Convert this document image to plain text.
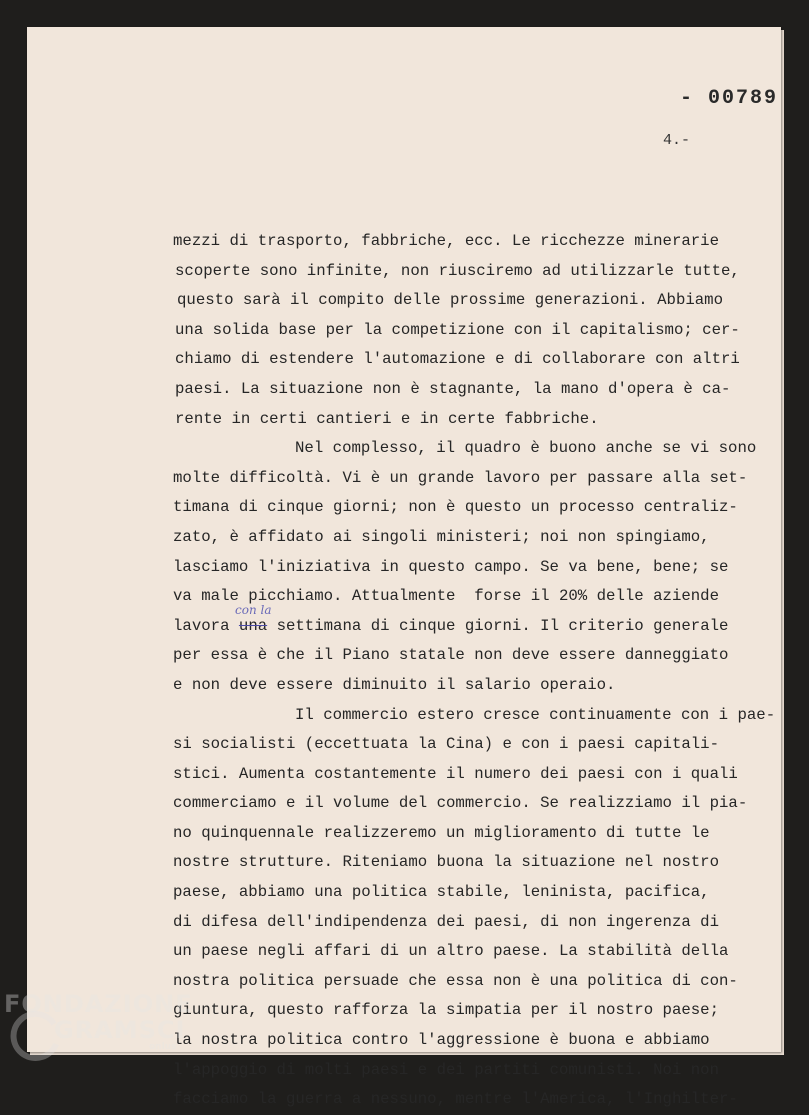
- 00789
4.-
mezzi di trasporto, fabbriche, ecc. Le ricchezze minerarie
scoperte sono infinite, non riusciremo ad utilizzarle tutte,
questo sarà il compito delle prossime generazioni. Abbiamo
una solida base per la competizione con il capitalismo; cer-
chiamo di estendere l'automazione e di collaborare con altri
paesi. La situazione non è stagnante, la mano d'opera è ca-
rente in certi cantieri e in certe fabbriche.
Nel complesso, il quadro è buono anche se vi sono
molte difficoltà. Vi è un grande lavoro per passare alla set-
timana di cinque giorni; non è questo un processo centraliz-
zato, è affidato ai singoli ministeri; noi non spingiamo,
lasciamo l'iniziativa in questo campo. Se va bene, bene; se
va male picchiamo. Attualmente  forse il 20% delle aziende
lavora una settimana di cinque giorni. Il criterio generale
con la
per essa è che il Piano statale non deve essere danneggiato
e non deve essere diminuito il salario operaio.
Il commercio estero cresce continuamente con i pae-
si socialisti (eccettuata la Cina) e con i paesi capitali-
stici. Aumenta costantemente il numero dei paesi con i quali
commerciamo e il volume del commercio. Se realizziamo il pia-
no quinquennale realizzeremo un miglioramento di tutte le
nostre strutture. Riteniamo buona la situazione nel nostro
paese, abbiamo una politica stabile, leninista, pacifica,
di difesa dell'indipendenza dei paesi, di non ingerenza di
un paese negli affari di un altro paese. La stabilità della
nostra politica persuade che essa non è una politica di con-
giuntura, questo rafforza la simpatia per il nostro paese;
la nostra politica contro l'aggressione è buona e abbiamo
l'appoggio di molti paesi e dei partiti comunisti. Noi non
facciamo la guerra a nessuno, mentre l'America, l'Inghilter-
FONDAZIONE
GRAMSCI
onlus
